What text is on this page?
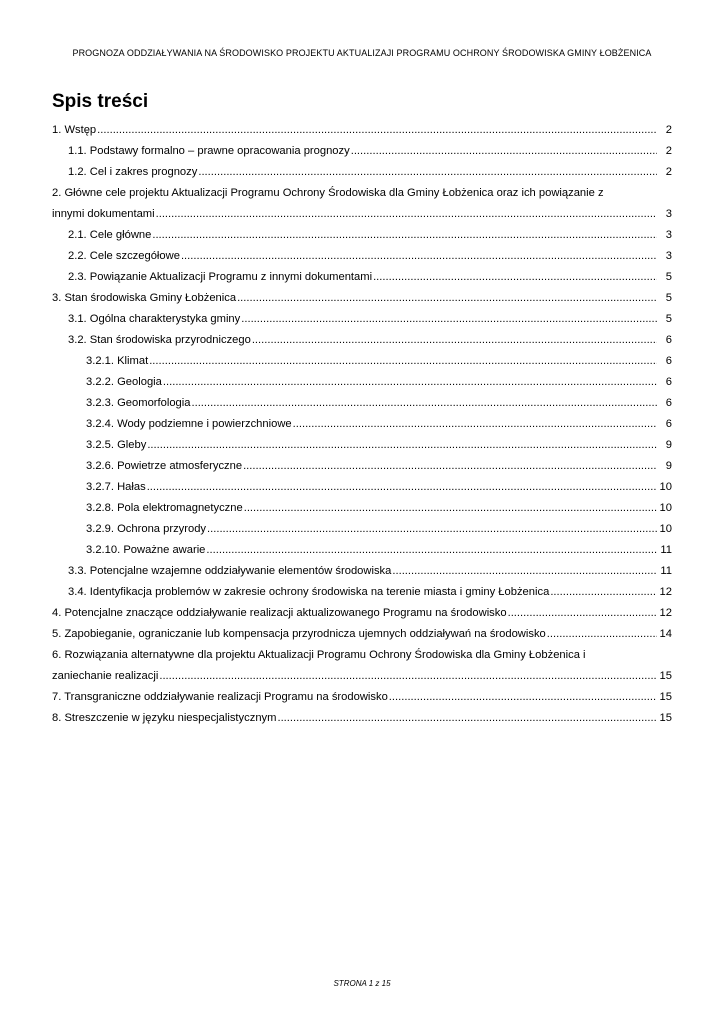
PROGNOZA ODDZIAŁYWANIA NA ŚRODOWISKO PROJEKTU AKTUALIZAJI PROGRAMU OCHRONY ŚRODOWISKA GMINY ŁOBŻENICA
Spis treści
1. Wstęp .....	2
1.1. Podstawy formalno – prawne opracowania prognozy .....	2
1.2. Cel i zakres prognozy .....	2
2. Główne cele projektu Aktualizacji Programu Ochrony Środowiska dla Gminy Łobżenica oraz ich powiązanie z
innymi dokumentami .....	3
2.1. Cele główne .....	3
2.2. Cele szczegółowe .....	3
2.3. Powiązanie Aktualizacji Programu z innymi dokumentami .....	5
3. Stan środowiska Gminy Łobżenica .....	5
3.1. Ogólna charakterystyka gminy .....	5
3.2. Stan środowiska przyrodniczego .....	6
3.2.1. Klimat .....	6
3.2.2. Geologia .....	6
3.2.3. Geomorfologia .....	6
3.2.4. Wody podziemne i powierzchniowe .....	6
3.2.5. Gleby .....	9
3.2.6. Powietrze atmosferyczne .....	9
3.2.7. Hałas .....	10
3.2.8. Pola elektromagnetyczne .....	10
3.2.9. Ochrona przyrody .....	10
3.2.10. Poważne awarie .....	11
3.3. Potencjalne wzajemne oddziaływanie elementów środowiska .....	11
3.4. Identyfikacja problemów w zakresie ochrony środowiska na terenie miasta i gminy Łobżenica .....	12
4. Potencjalne znaczące oddziaływanie realizacji aktualizowanego Programu na środowisko .....	12
5. Zapobieganie, ograniczanie lub kompensacja przyrodnicza ujemnych oddziaływań na środowisko .....	14
6. Rozwiązania alternatywne dla projektu Aktualizacji Programu Ochrony Środowiska dla Gminy Łobżenica i
zaniechanie realizacji .....	15
7. Transgraniczne oddziaływanie realizacji Programu na środowisko .....	15
8. Streszczenie w języku niespecjalistycznym .....	15
STRONA 1 z 15
